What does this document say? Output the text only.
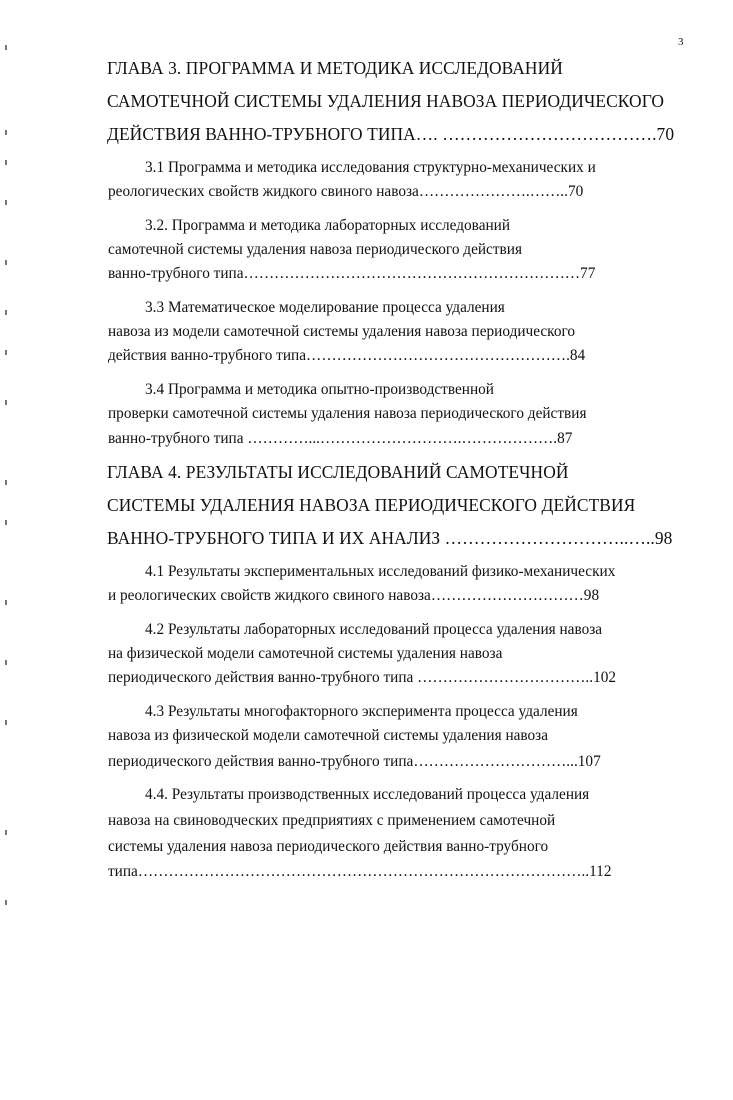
3
ГЛАВА 3. ПРОГРАММА И МЕТОДИКА ИССЛЕДОВАНИЙ
САМОТЕЧНОЙ СИСТЕМЫ УДАЛЕНИЯ НАВОЗА ПЕРИОДИЧЕСКОГО
ДЕЙСТВИЯ ВАННО-ТРУБНОГО ТИПА…. ……………………………….70
3.1 Программа и методика исследования структурно-механических и
реологических свойств жидкого свиного навоза………………….……..70
3.2. Программа и методика лабораторных исследований
самотечной системы удаления навоза периодического действия
ванно-трубного типа…………………………………………………………77
3.3 Математическое моделирование процесса удаления
навоза из модели самотечной системы удаления навоза периодического
действия ванно-трубного типа…………………………………………….84
3.4 Программа и методика опытно-производственной
проверки самотечной системы удаления навоза периодического действия
ванно-трубного типа …………...……………………….……………….87
ГЛАВА 4. РЕЗУЛЬТАТЫ ИССЛЕДОВАНИЙ САМОТЕЧНОЙ
СИСТЕМЫ УДАЛЕНИЯ НАВОЗА ПЕРИОДИЧЕСКОГО ДЕЙСТВИЯ
ВАННО-ТРУБНОГО ТИПА И ИХ АНАЛИЗ …………………………..…..98
4.1 Результаты экспериментальных исследований физико-механических
и реологических свойств жидкого свиного навоза…………………………98
4.2 Результаты лабораторных исследований процесса удаления навоза
на физической модели самотечной системы удаления навоза
периодического действия ванно-трубного типа ……………………………..102
4.3 Результаты многофакторного эксперимента процесса удаления
навоза из физической модели самотечной системы удаления навоза
периодического действия ванно-трубного типа…………………………...107
4.4. Результаты производственных исследований процесса удаления
навоза на свиноводческих предприятиях с применением самотечной
системы удаления навоза периодического действия ванно-трубного
типа……………………………………………………………………………..112
